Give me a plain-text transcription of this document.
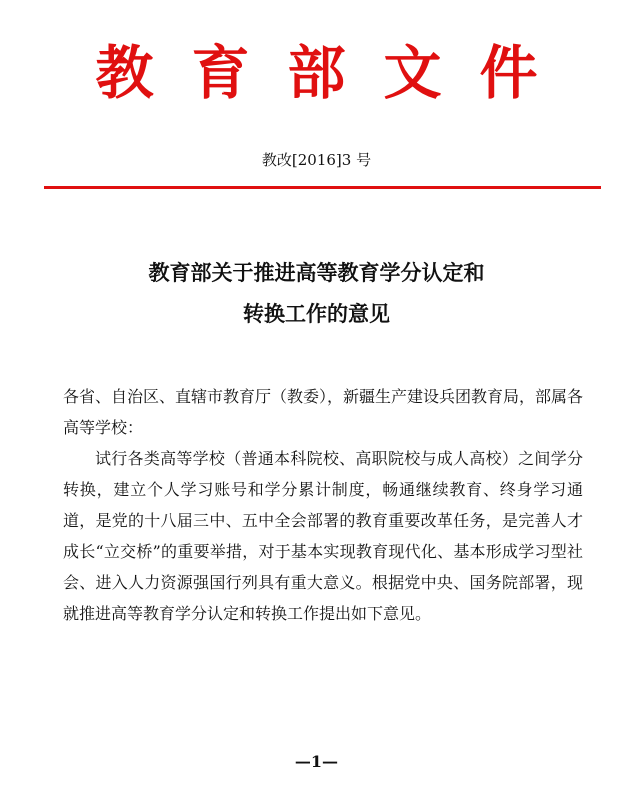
教育部文件
教改[2016]3 号
教育部关于推进高等教育学分认定和
转换工作的意见
各省、自治区、直辖市教育厅（教委），新疆生产建设兵团教育局，部属各高等学校：
试行各类高等学校（普通本科院校、高职院校与成人高校）之间学分转换，建立个人学习账号和学分累计制度，畅通继续教育、终身学习通道，是党的十八届三中、五中全会部署的教育重要改革任务，是完善人才成长“立交桥”的重要举措，对于基本实现教育现代化、基本形成学习型社会、进入人力资源强国行列具有重大意义。根据党中央、国务院部署，现就推进高等教育学分认定和转换工作提出如下意见。
—1—
